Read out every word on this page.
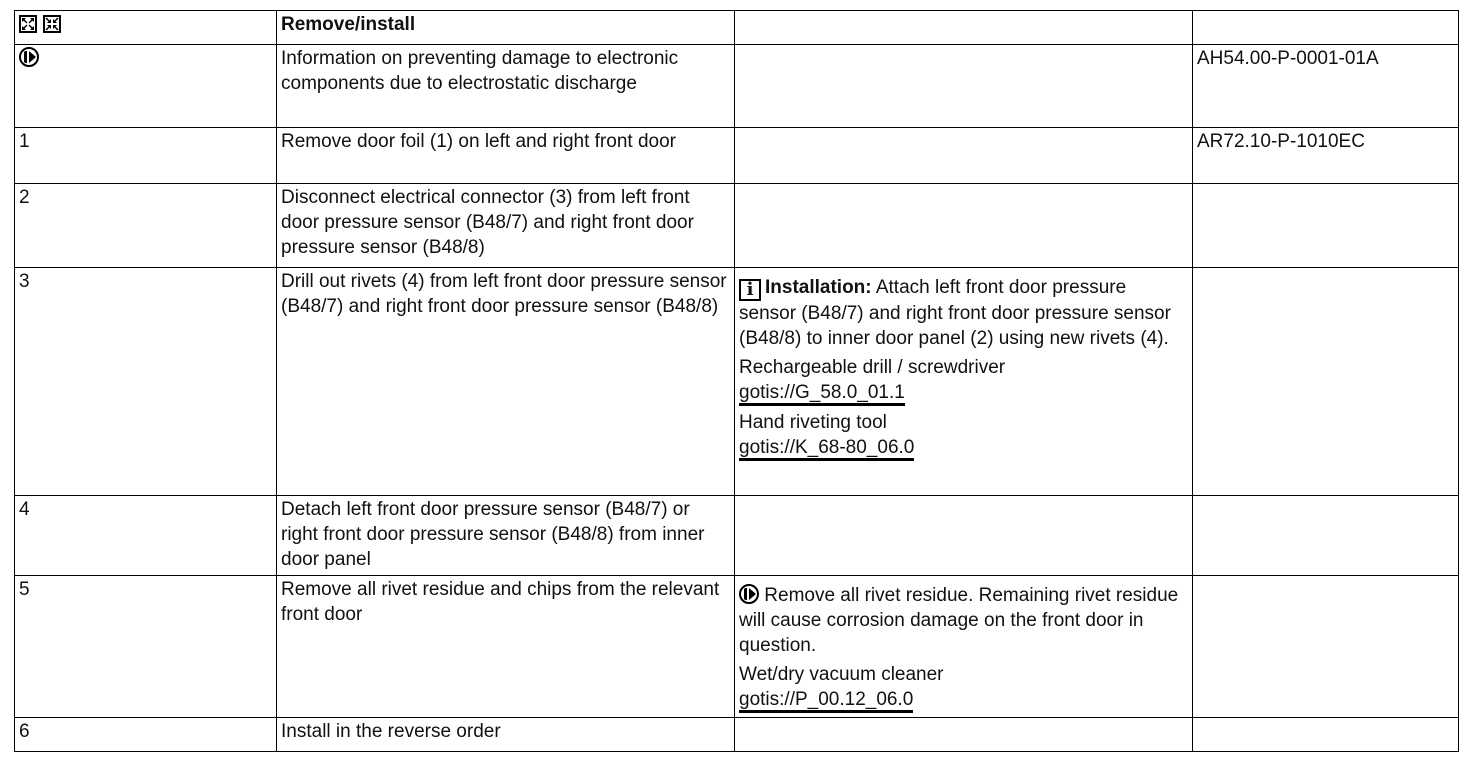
	Remove/install		
	Information on preventing damage to electronic components due to electrostatic discharge		AH54.00-P-0001-01A
1	Remove door foil (1) on left and right front door		AR72.10-P-1010EC
2	Disconnect electrical connector (3) from left front door pressure sensor (B48/7) and right front door pressure sensor (B48/8)		
3	Drill out rivets (4) from left front door pressure sensor (B48/7) and right front door pressure sensor (B48/8)	i Installation: Attach left front door pressure sensor (B48/7) and right front door pressure sensor (B48/8) to inner door panel (2) using new rivets (4).
Rechargeable drill / screwdriver
gotis://G_58.0_01.1
Hand riveting tool
gotis://K_68-80_06.0	

4	Detach left front door pressure sensor (B48/7) or right front door pressure sensor (B48/8) from inner door panel		
5	Remove all rivet residue and chips from the relevant front door	Remove all rivet residue. Remaining rivet residue will cause corrosion damage on the front door in question.
Wet/dry vacuum cleaner
gotis://P_00.12_06.0	

6	Install in the reverse order		
